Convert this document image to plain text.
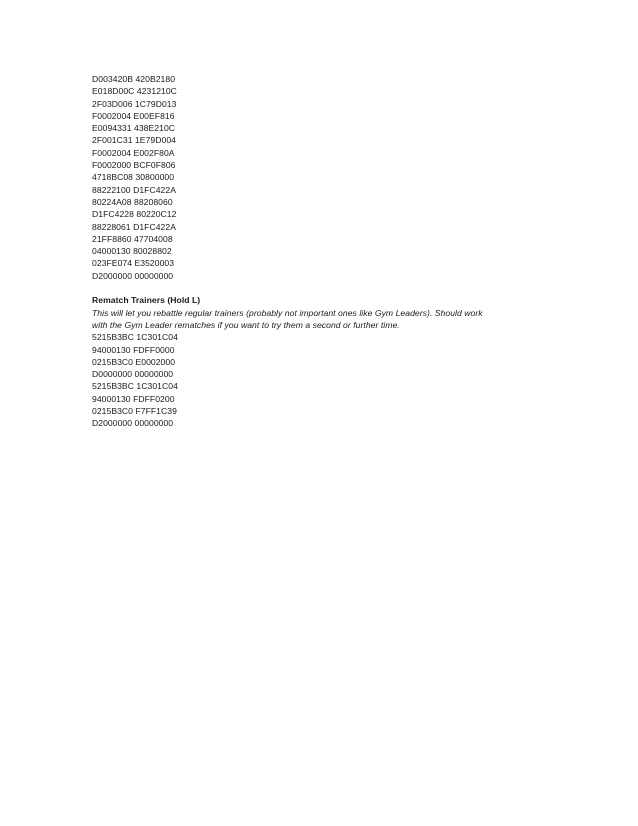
D003420B 420B2180
E018D00C 4231210C
2F03D006 1C79D013
F0002004 E00EF816
E0094331 438E210C
2F001C31 1E79D004
F0002004 E002F80A
F0002000 BCF0F806
4718BC08 30800000
88222100 D1FC422A
80224A08 88208060
D1FC4228 80220C12
88228061 D1FC422A
21FF8860 47704008
04000130 80028802
023FE074 E3520003
D2000000 00000000
Rematch Trainers (Hold L)
This will let you rebattle regular trainers (probably not important ones like Gym Leaders). Should work
with the Gym Leader rematches if you want to try them a second or further time.
5215B3BC 1C301C04
94000130 FDFF0000
0215B3C0 E0002000
D0000000 00000000
5215B3BC 1C301C04
94000130 FDFF0200
0215B3C0 F7FF1C39
D2000000 00000000
